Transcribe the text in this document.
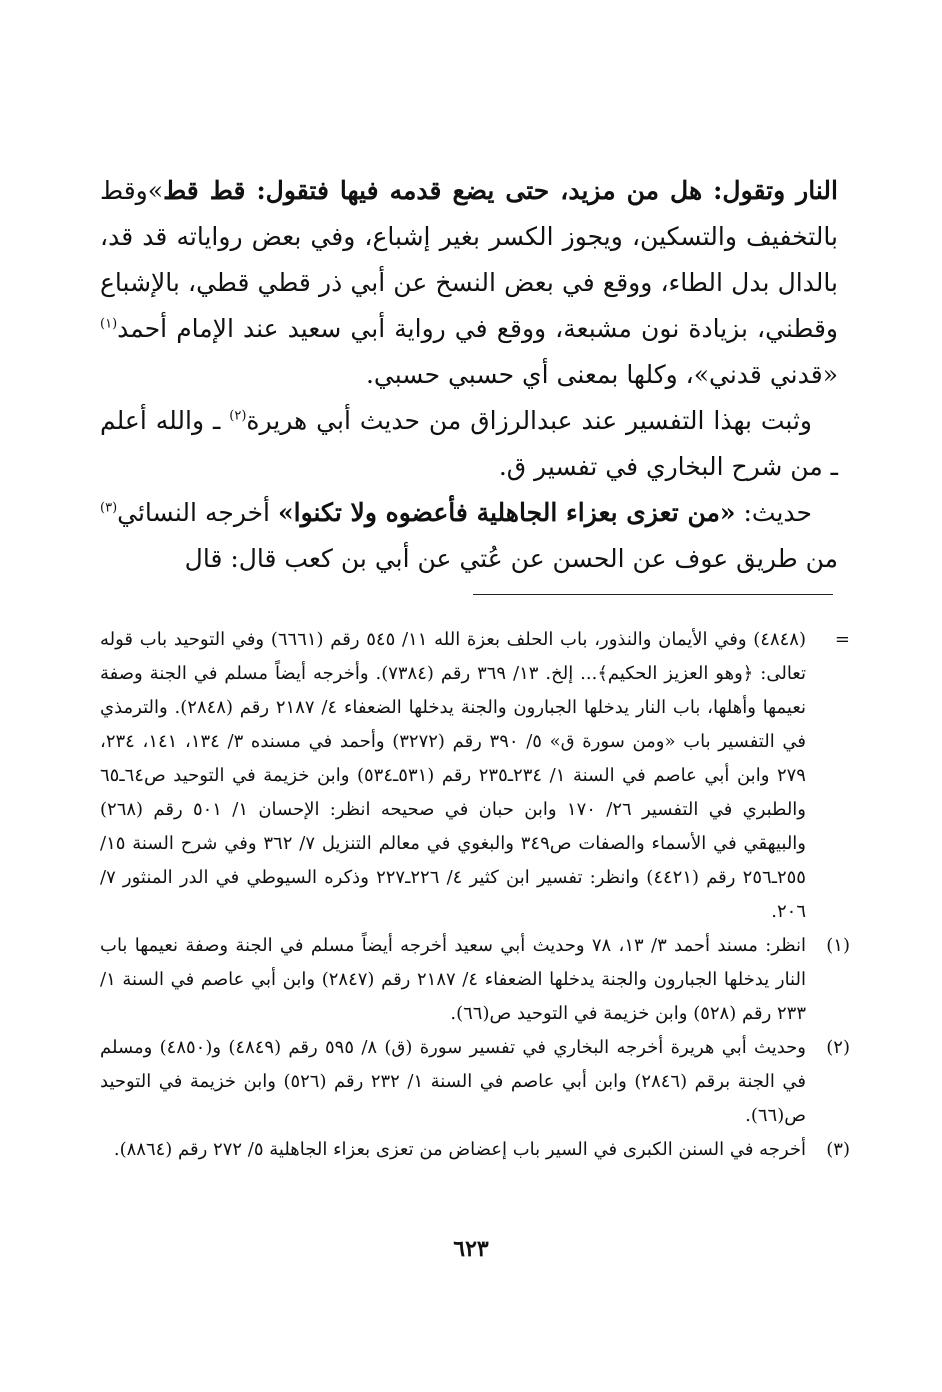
النار وتقول: هل من مزيد، حتى يضع قدمه فيها فتقول: قط قط»وقط بالتخفيف والتسكين، ويجوز الكسر بغير إشباع، وفي بعض رواياته قد قد، بالدال بدل الطاء، ووقع في بعض النسخ عن أبي ذر قطي قطي، بالإشباع وقطني، بزيادة نون مشبعة، ووقع في رواية أبي سعيد عند الإمام أحمد$^{(١)}$ «قدني قدني»، وكلها بمعنى أي حسبي حسبي.

وثبت بهذا التفسير عند عبدالرزاق من حديث أبي هريرة$^{(٢)}$ ـ والله أعلم ـ من شرح البخاري في تفسير ق.

حديث: «من تعزى بعزاء الجاهلية فأعضوه ولا تكنوا» أخرجه النسائي$^{(٣)}$ من طريق عوف عن الحسن عن عُتي عن أبي بن كعب قال: قال

=
(٤٨٤٨) وفي الأيمان والنذور، باب الحلف بعزة الله ١١/ ٥٤٥ رقم (٦٦٦١) وفي التوحيد باب قوله تعالى: ﴿وهو العزيز الحكيم﴾... إلخ. ١٣/ ٣٦٩ رقم (٧٣٨٤). وأخرجه أيضاً مسلم في الجنة وصفة نعيمها وأهلها، باب النار يدخلها الجبارون والجنة يدخلها الضعفاء ٤/ ٢١٨٧ رقم (٢٨٤٨). والترمذي في التفسير باب «ومن سورة ق» ٥/ ٣٩٠ رقم (٣٢٧٢) وأحمد في مسنده ٣/ ١٣٤، ١٤١، ٢٣٤، ٢٧٩ وابن أبي عاصم في السنة ١/ ٢٣٤ـ٢٣٥ رقم (٥٣١ـ٥٣٤) وابن خزيمة في التوحيد ص٦٤ـ٦٥ والطبري في التفسير ٢٦/ ١٧٠ وابن حبان في صحيحه انظر: الإحسان ١/ ٥٠١ رقم (٢٦٨) والبيهقي في الأسماء والصفات ص٣٤٩ والبغوي في معالم التنزيل ٧/ ٣٦٢ وفي شرح السنة ١٥/ ٢٥٥ـ٢٥٦ رقم (٤٤٢١) وانظر: تفسير ابن كثير ٤/ ٢٢٦ـ٢٢٧ وذكره السيوطي في الدر المنثور ٧/ ٢٠٦.
(١)
انظر: مسند أحمد ٣/ ١٣، ٧٨ وحديث أبي سعيد أخرجه أيضاً مسلم في الجنة وصفة نعيمها باب النار يدخلها الجبارون والجنة يدخلها الضعفاء ٤/ ٢١٨٧ رقم (٢٨٤٧) وابن أبي عاصم في السنة ١/ ٢٣٣ رقم (٥٢٨) وابن خزيمة في التوحيد ص(٦٦).
(٢)
وحديث أبي هريرة أخرجه البخاري في تفسير سورة (ق) ٨/ ٥٩٥ رقم (٤٨٤٩) و(٤٨٥٠) ومسلم في الجنة برقم (٢٨٤٦) وابن أبي عاصم في السنة ١/ ٢٣٢ رقم (٥٢٦) وابن خزيمة في التوحيد ص(٦٦).
(٣)
أخرجه في السنن الكبرى في السير باب إعضاض من تعزى بعزاء الجاهلية ٥/ ٢٧٢ رقم (٨٨٦٤).
٦٢٣
